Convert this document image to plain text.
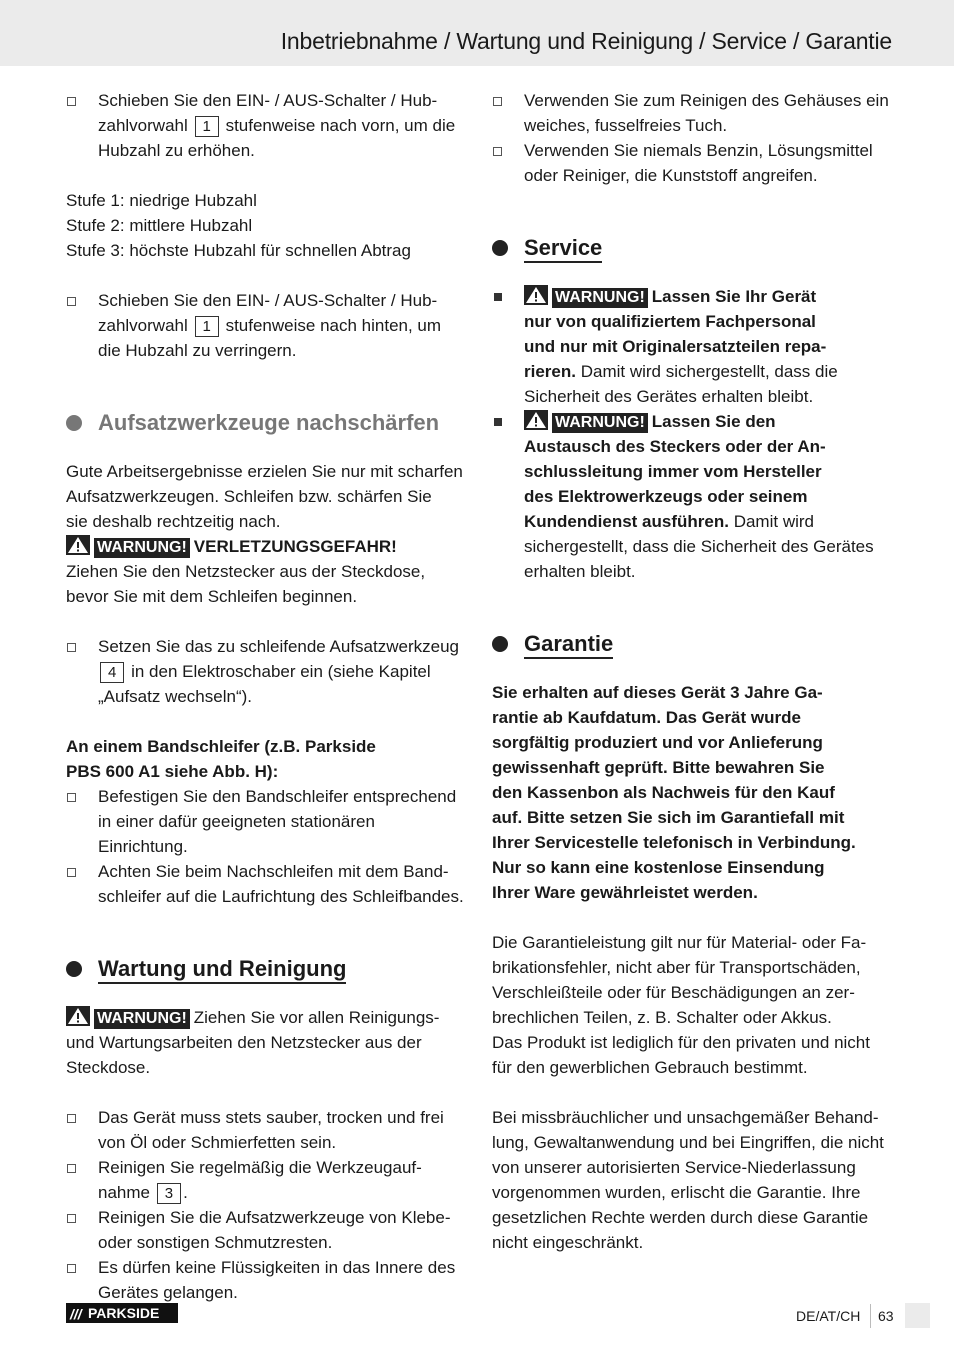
Inbetriebnahme / Wartung und Reinigung / Service / Garantie
Schieben Sie den EIN- / AUS-Schalter / Hub-
zahlvorwahl 1 stufenweise nach vorn, um die
Hubzahl zu erhöhen.

Stufe 1: niedrige Hubzahl

Stufe 2: mittlere Hubzahl

Stufe 3: höchste Hubzahl für schnellen Abtrag

Schieben Sie den EIN- / AUS-Schalter / Hub-
zahlvorwahl 1 stufenweise nach hinten, um
die Hubzahl zu verringern.
Aufsatzwerkzeuge nachschärfen

Gute Arbeitsergebnisse erzielen Sie nur mit scharfen

Aufsatzwerkzeugen. Schleifen bzw. schärfen Sie

sie deshalb rechtzeitig nach.

WARNUNG! VERLETZUNGSGEFAHR!

Ziehen Sie den Netzstecker aus der Steckdose,

bevor Sie mit dem Schleifen beginnen.

Setzen Sie das zu schleifende Aufsatzwerkzeug
4 in den Elektroschaber ein (siehe Kapitel
„Aufsatz wechseln“).

An einem Bandschleifer (z.B. Parkside
PBS 600 A1 siehe Abb. H):

Befestigen Sie den Bandschleifer entsprechend
in einer dafür geeigneten stationären Einrichtung.
Achten Sie beim Nachschleifen mit dem Band-
schleifer auf die Laufrichtung des Schleifbandes.
Wartung und Reinigung

WARNUNG! Ziehen Sie vor allen Reinigungs-

und Wartungsarbeiten den Netzstecker aus der

Steckdose.

Das Gerät muss stets sauber, trocken und frei
von Öl oder Schmierfetten sein.
Reinigen Sie regelmäßig die Werkzeugauf-
nahme 3 .
Reinigen Sie die Aufsatzwerkzeuge von Klebe-
oder sonstigen Schmutzresten.
Es dürfen keine Flüssigkeiten in das Innere des
Gerätes gelangen.
Verwenden Sie zum Reinigen des Gehäuses ein
weiches, fusselfreies Tuch.
Verwenden Sie niemals Benzin, Lösungsmittel
oder Reiniger, die Kunststoff angreifen.
Service
WARNUNG! Lassen Sie Ihr Gerät
nur von qualifiziertem Fachpersonal
und nur mit Originalersatzteilen repa-
rieren. Damit wird sichergestellt, dass die
Sicherheit des Gerätes erhalten bleibt.
WARNUNG! Lassen Sie den
Austausch des Steckers oder der An-
schlussleitung immer vom Hersteller
des Elektrowerkzeugs oder seinem
Kundendienst ausführen. Damit wird
sichergestellt, dass die Sicherheit des Gerätes
erhalten bleibt.
Garantie

Sie erhalten auf dieses Gerät 3 Jahre Ga-

rantie ab Kaufdatum. Das Gerät wurde

sorgfältig produziert und vor Anlieferung

gewissenhaft geprüft. Bitte bewahren Sie

den Kassenbon als Nachweis für den Kauf

auf. Bitte setzen Sie sich im Garantiefall mit

Ihrer Servicestelle telefonisch in Verbindung.

Nur so kann eine kostenlose Einsendung

Ihrer Ware gewährleistet werden.

Die Garantieleistung gilt nur für Material- oder Fa-

brikationsfehler, nicht aber für Transportschäden,

Verschleißteile oder für Beschädigungen an zer-

brechlichen Teilen, z. B. Schalter oder Akkus.

Das Produkt ist lediglich für den privaten und nicht

für den gewerblichen Gebrauch bestimmt.

Bei missbräuchlicher und unsachgemäßer Behand-

lung, Gewaltanwendung und bei Eingriffen, die nicht

von unserer autorisierten Service-Niederlassung

vorgenommen wurden, erlischt die Garantie. Ihre

gesetzlichen Rechte werden durch diese Garantie

nicht eingeschränkt.

/// PARKSIDE	DE/AT/CH 63
